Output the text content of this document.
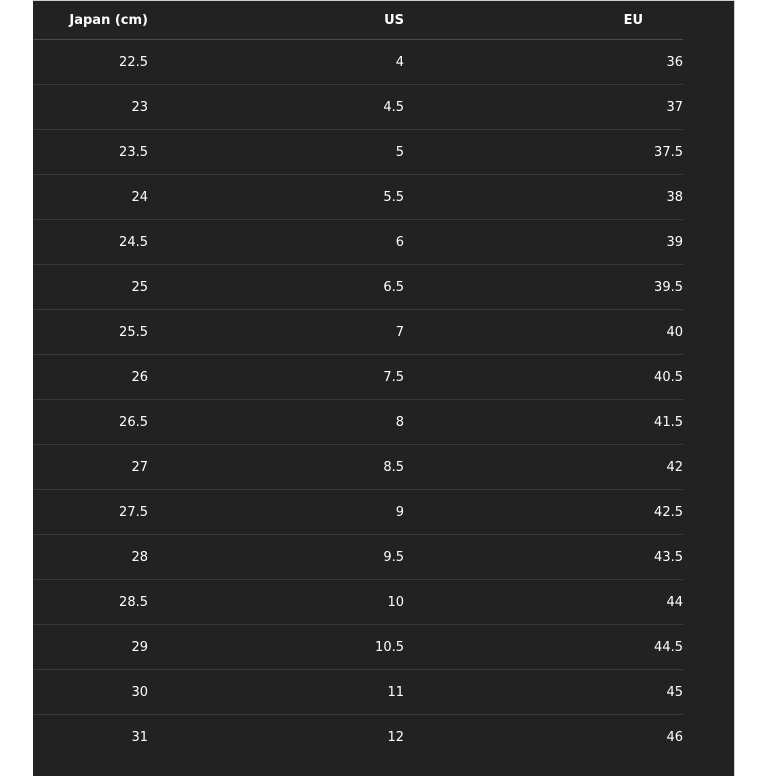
Japan (cm)	US	EU
22.5	4	36
23	4.5	37
23.5	5	37.5
24	5.5	38
24.5	6	39
25	6.5	39.5
25.5	7	40
26	7.5	40.5
26.5	8	41.5
27	8.5	42
27.5	9	42.5
28	9.5	43.5
28.5	10	44
29	10.5	44.5
30	11	45
31	12	46
